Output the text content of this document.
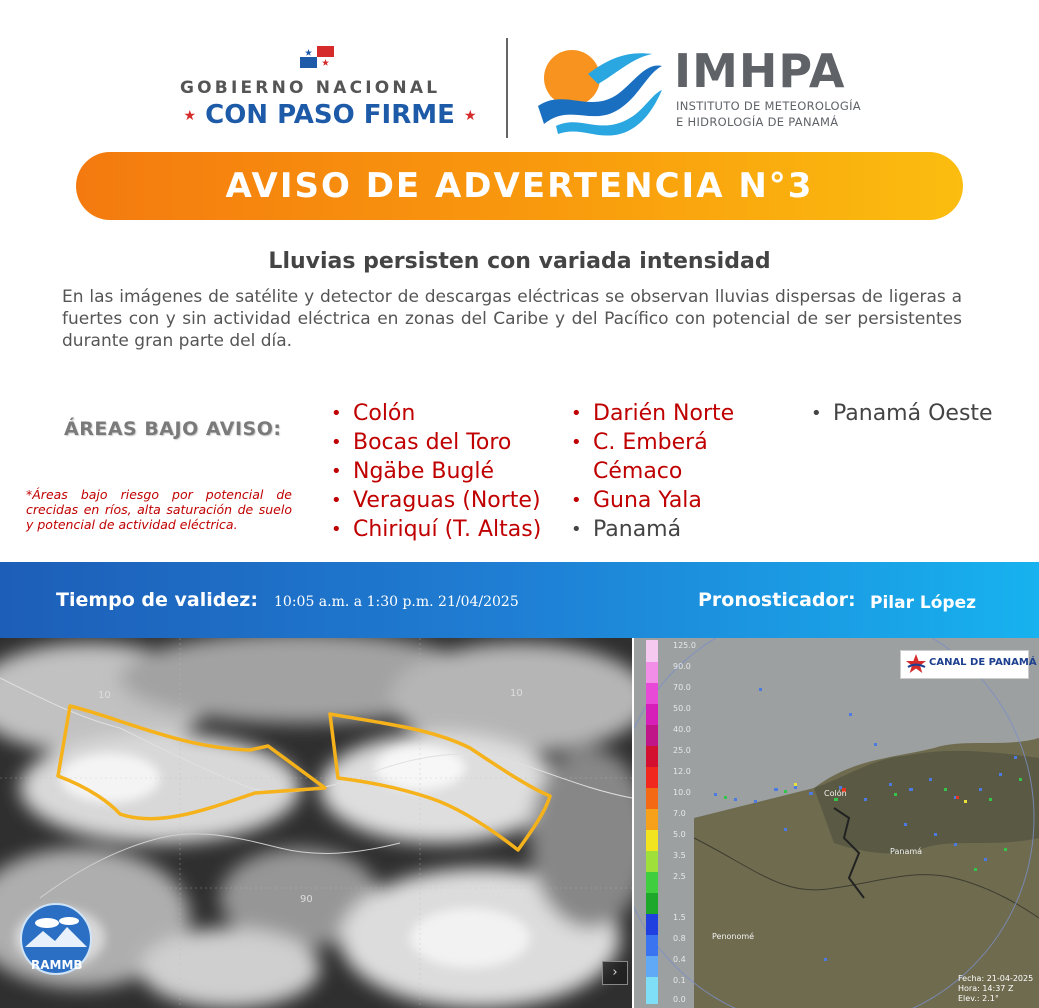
GOBIERNO NACIONAL
★ CON PASO FIRME ★
IMHPA
INSTITUTO DE METEOROLOGÍA
E HIDROLOGÍA DE PANAMÁ
AVISO DE ADVERTENCIA N°3
Lluvias persisten con variada intensidad
En las imágenes de satélite y detector de descargas eléctricas se observan lluvias dispersas de ligeras a fuertes con y sin actividad eléctrica en zonas del Caribe y del Pacífico con potencial de ser persistentes durante gran parte del día.
ÁREAS BAJO AVISO:
*Áreas bajo riesgo por potencial de crecidas en ríos, alta saturación de suelo y potencial de actividad eléctrica.
• Colón
• Bocas del Toro
• Ngäbe Buglé
• Veraguas (Norte)
• Chiriquí (T. Altas)
• Darién Norte
• C. Emberá Cémaco
• Guna Yala
• Panamá
• Panamá Oeste
Tiempo de validez: 10:05 a.m. a 1:30 p.m. 21/04/2025	Pronosticador: Pilar López
10	10
90
RAMMB	›
125.0
90.0
70.0
50.0
40.0
25.0
12.0
10.0
7.0
5.0
3.5
2.5
1.5
0.8
0.4
0.1
0.0
CANAL DE PANAMÁ
Colón
Panamá
Penonomé
Fecha: 21-04-2025
Hora: 14:37 Z
Elev.: 2.1°
